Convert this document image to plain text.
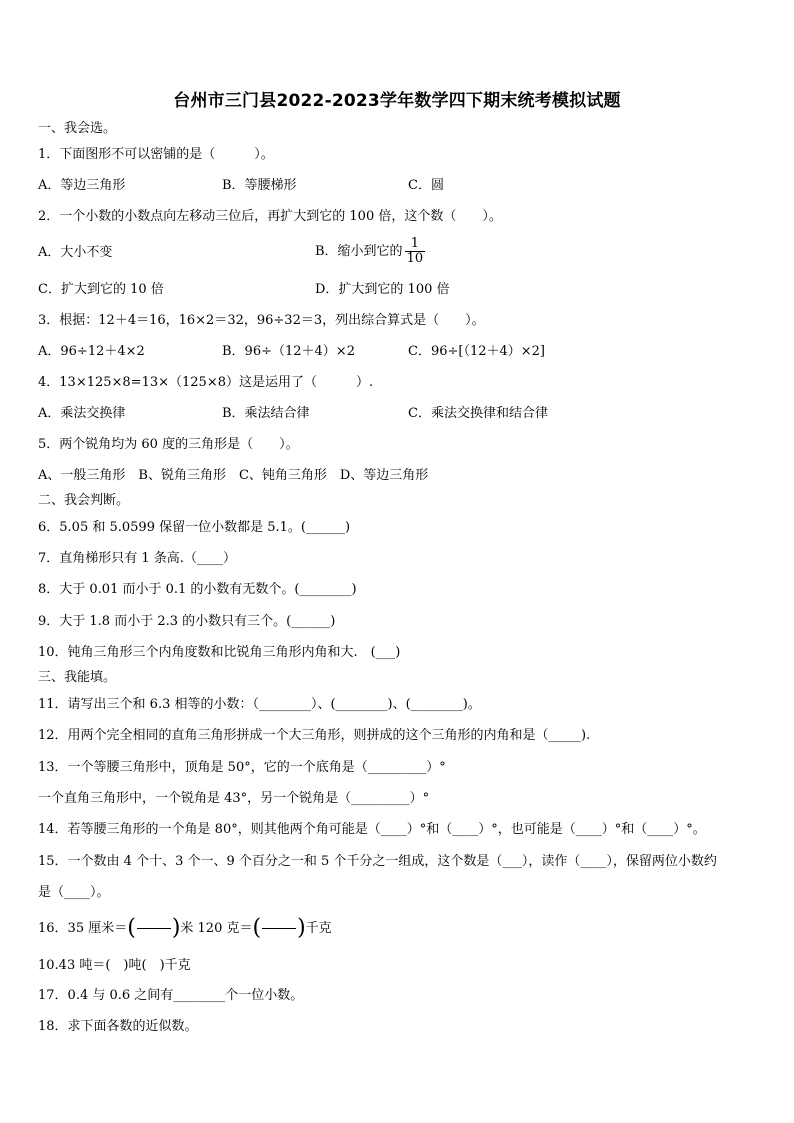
台州市三门县2022-2023学年数学四下期末统考模拟试题
一、我会选。
1．下面图形不可以密铺的是（　　　）。
A．等边三角形	B．等腰梯形	C．圆
2．一个小数的小数点向左移动三位后，再扩大到它的 100 倍，这个数（　　）。
A．大小不变	B．缩小到它的 $\frac{1}{10}$
C．扩大到它的 10 倍	D．扩大到它的 100 倍
3．根据：12＋4＝16，16×2＝32，96÷32＝3，列出综合算式是（　　）。
A．96÷12＋4×2	B．96÷（12＋4）×2	C．96÷[（12＋4）×2]
4．13×125×8=13×（125×8）这是运用了（　　　）.
A．乘法交换律	B．乘法结合律	C．乘法交换律和结合律
5．两个锐角均为 60 度的三角形是（　　）。
A、一般三角形　B、锐角三角形　C、钝角三角形　D、等边三角形
二、我会判断。
6．5.05 和 5.0599 保留一位小数都是 5.1。(______)
7．直角梯形只有 1 条高.（____）
8．大于 0.01 而小于 0.1 的小数有无数个。(________)
9．大于 1.8 而小于 2.3 的小数只有三个。(______)
10．钝角三角形三个内角度数和比锐角三角形内角和大.　(___)
三、我能填。
11．请写出三个和 6.3 相等的小数：（________）、(________)、(________)。
12．用两个完全相同的直角三角形拼成一个大三角形，则拼成的这个三角形的内角和是（_____).
13．一个等腰三角形中，顶角是 50°，它的一个底角是（_________）°
一个直角三角形中，一个锐角是 43°，另一个锐角是（_________）°
14．若等腰三角形的一个角是 80°，则其他两个角可能是（____）°和（____）°，也可能是（____）°和（____）°。
15．一个数由 4 个十、3 个一、9 个百分之一和 5 个千分之一组成，这个数是（___），读作（____），保留两位小数约
是（____）。
16．35 厘米＝( )米 120 克＝( )千克
10.43 吨＝(　)吨(　)千克
17．0.4 与 0.6 之间有________个一位小数。
18．求下面各数的近似数。
